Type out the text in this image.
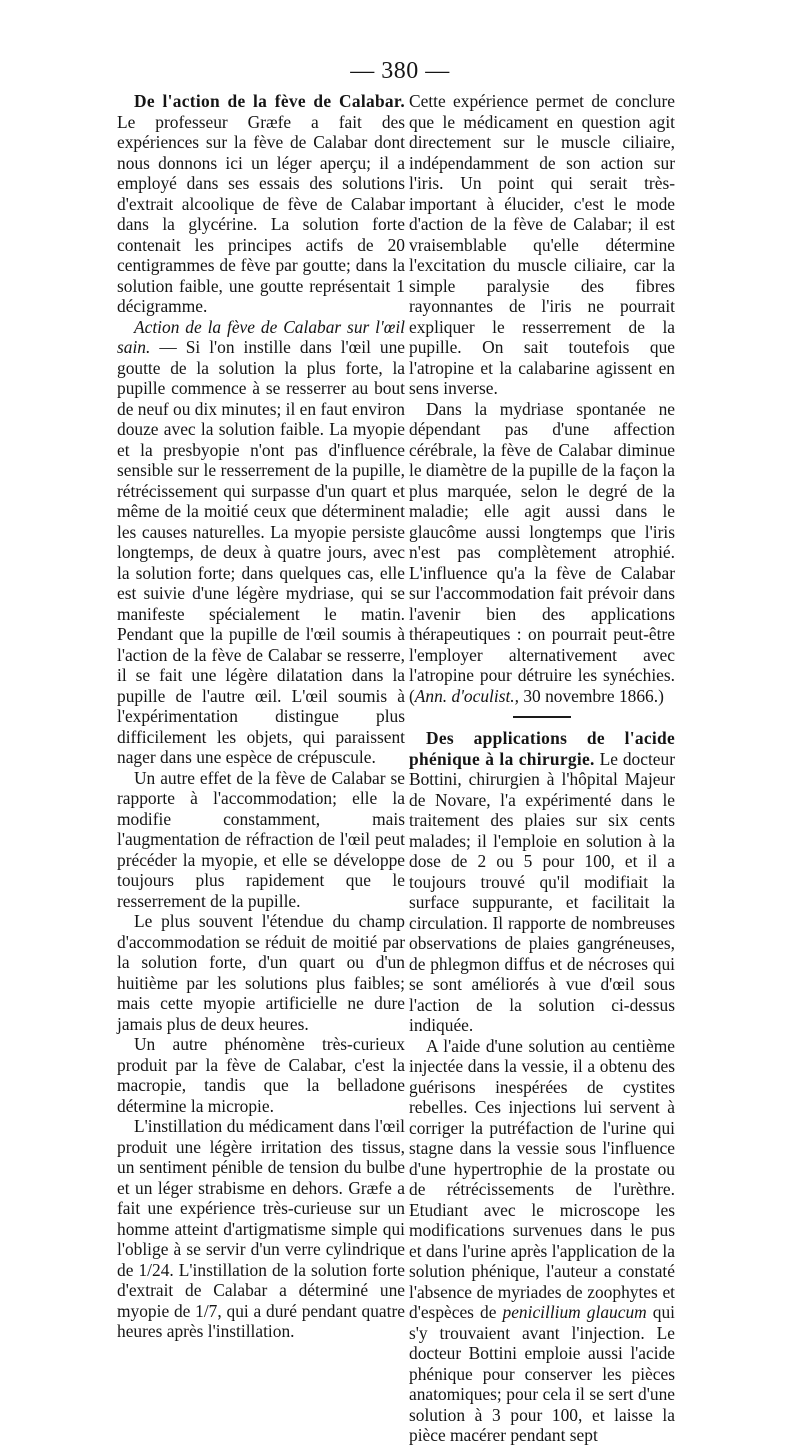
— 380 —

De l'action de la fève de Calabar. Le professeur Græfe a fait des expériences sur la fève de Calabar dont nous donnons ici un léger aperçu; il a employé dans ses essais des solutions d'extrait alcoolique de fève de Calabar dans la glycérine. La solution forte contenait les principes actifs de 20 centigrammes de fève par goutte; dans la solution faible, une goutte représentait 1 décigramme.

Action de la fève de Calabar sur l'œil sain. — Si l'on instille dans l'œil une goutte de la solution la plus forte, la pupille commence à se resserrer au bout de neuf ou dix minutes; il en faut environ douze avec la solution faible. La myopie et la presbyopie n'ont pas d'influence sensible sur le resserrement de la pupille, rétrécissement qui surpasse d'un quart et même de la moitié ceux que déterminent les causes naturelles. La myopie persiste longtemps, de deux à quatre jours, avec la solution forte; dans quelques cas, elle est suivie d'une légère mydriase, qui se manifeste spécialement le matin. Pendant que la pupille de l'œil soumis à l'action de la fève de Calabar se resserre, il se fait une légère dilatation dans la pupille de l'autre œil. L'œil soumis à l'expérimentation distingue plus difficilement les objets, qui paraissent nager dans une espèce de crépuscule.

Un autre effet de la fève de Calabar se rapporte à l'accommodation; elle la modifie constamment, mais l'augmentation de réfraction de l'œil peut précéder la myopie, et elle se développe toujours plus rapidement que le resserrement de la pupille.

Le plus souvent l'étendue du champ d'accommodation se réduit de moitié par la solution forte, d'un quart ou d'un huitième par les solutions plus faibles; mais cette myopie artificielle ne dure jamais plus de deux heures.

Un autre phénomène très-curieux produit par la fève de Calabar, c'est la macropie, tandis que la belladone détermine la micropie.

L'instillation du médicament dans l'œil produit une légère irritation des tissus, un sentiment pénible de tension du bulbe et un léger strabisme en dehors. Græfe a fait une expérience très-curieuse sur un homme atteint d'artigmatisme simple qui l'oblige à se servir d'un verre cylindrique de 1/24. L'instillation de la solution forte d'extrait de Calabar a déterminé une myopie de 1/7, qui a duré pendant quatre heures après l'instillation.

Cette expérience permet de conclure que le médicament en question agit directement sur le muscle ciliaire, indépendamment de son action sur l'iris. Un point qui serait très-important à élucider, c'est le mode d'action de la fève de Calabar; il est vraisemblable qu'elle détermine l'excitation du muscle ciliaire, car la simple paralysie des fibres rayonnantes de l'iris ne pourrait expliquer le resserrement de la pupille. On sait toutefois que l'atropine et la calabarine agissent en sens inverse.

Dans la mydriase spontanée ne dépendant pas d'une affection cérébrale, la fève de Calabar diminue le diamètre de la pupille de la façon la plus marquée, selon le degré de la maladie; elle agit aussi dans le glaucôme aussi longtemps que l'iris n'est pas complètement atrophié. L'influence qu'a la fève de Calabar sur l'accommodation fait prévoir dans l'avenir bien des applications thérapeutiques : on pourrait peut-être l'employer alternativement avec l'atropine pour détruire les synéchies. (Ann. d'oculist., 30 novembre 1866.)

Des applications de l'acide phénique à la chirurgie. Le docteur Bottini, chirurgien à l'hôpital Majeur de Novare, l'a expérimenté dans le traitement des plaies sur six cents malades; il l'emploie en solution à la dose de 2 ou 5 pour 100, et il a toujours trouvé qu'il modifiait la surface suppurante, et facilitait la circulation. Il rapporte de nombreuses observations de plaies gangréneuses, de phlegmon diffus et de nécroses qui se sont améliorés à vue d'œil sous l'action de la solution ci-dessus indiquée.

A l'aide d'une solution au centième injectée dans la vessie, il a obtenu des guérisons inespérées de cystites rebelles. Ces injections lui servent à corriger la putréfaction de l'urine qui stagne dans la vessie sous l'influence d'une hypertrophie de la prostate ou de rétrécissements de l'urèthre. Etudiant avec le microscope les modifications survenues dans le pus et dans l'urine après l'application de la solution phénique, l'auteur a constaté l'absence de myriades de zoophytes et d'espèces de penicillium glaucum qui s'y trouvaient avant l'injection. Le docteur Bottini emploie aussi l'acide phénique pour conserver les pièces anatomiques; pour cela il se sert d'une solution à 3 pour 100, et laisse la pièce macérer pendant sept
